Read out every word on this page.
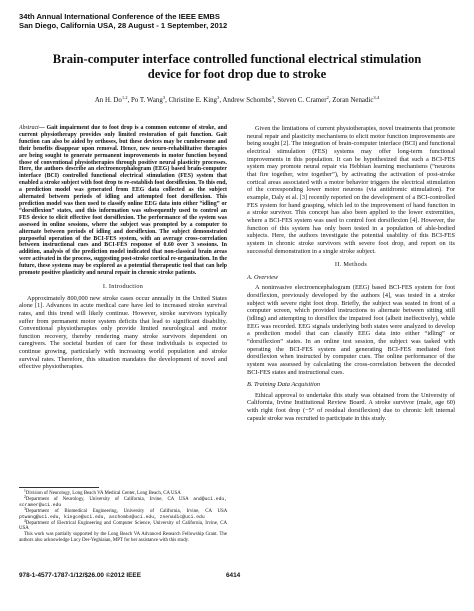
34th Annual International Conference of the IEEE EMBS
San Diego, California USA, 28 August - 1 September, 2012
Brain-computer interface controlled functional electrical stimulation
device for foot drop due to stroke
An H. Do$^{1,2}$, Po T. Wang$^3$, Christine E. King$^3$, Andrew Schombs$^3$, Steven C. Cramer$^2$, Zoran Nenadic$^{3,4}$

Abstract— Gait impairment due to foot drop is a common outcome of stroke, and current physiotherapy provides only limited restoration of gait function. Gait function can also be aided by orthoses, but these devices may be cumbersome and their benefits disappear upon removal. Hence, new neuro-rehabilitative therapies are being sought to generate permanent improvements in motor function beyond those of conventional physiotherapies through positive neural plasticity processes. Here, the authors describe an electroencephalogram (EEG) based brain-computer interface (BCI) controlled functional electrical stimulation (FES) system that enabled a stroke subject with foot drop to re-establish foot dorsiflexion. To this end, a prediction model was generated from EEG data collected as the subject alternated between periods of idling and attempted foot dorsiflexion. This prediction model was then used to classify online EEG data into either “idling” or “dorsiflexion” states, and this information was subsequently used to control an FES device to elicit effective foot dorsiflexion. The performance of the system was assessed in online sessions, where the subject was prompted by a computer to alternate between periods of idling and dorsiflexion. The subject demonstrated purposeful operation of the BCI-FES system, with an average cross-correlation between instructional cues and BCI-FES response of 0.60 over 3 sessions. In addition, analysis of the prediction model indicated that non-classical brain areas were activated in the process, suggesting post-stroke cortical re-organization. In the future, these systems may be explored as a potential therapeutic tool that can help promote positive plasticity and neural repair in chronic stroke patients.

I. Introduction

Approximately 800,000 new stroke cases occur annually in the United States alone [1]. Advances in acute medical care have led to increased stroke survival rates, and this trend will likely continue. However, stroke survivors typically suffer from permanent motor system deficits that lead to significant disability. Conventional physiotherapies only provide limited neurological and motor function recovery, thereby rendering many stroke survivors dependent on caregivers. The societal burden of care for these individuals is expected to continue growing, particularly with increasing world population and stroke survival rates. Therefore, this situation mandates the development of novel and effective physiotherapies.

$^1$Division of Neurology, Long Beach VA Medical Center, Long Beach, CA USA

$^2$Department of Neurology, University of California, Irvine, CA USA and@uci.edu, scramer@uci.edu

$^3$Department of Biomedical Engineering, University of California, Irvine, CA USA ptwang@uci.edu, kingce@uci.edu, aschombs@uci.edu, znenadic@uci.edu

$^4$Department of Electrical Engineering and Computer Science, University of California, Irvine, CA USA

This work was partially supported by the Long Beach VA Advanced Research Fellowship Grant. The authors also acknowledge Lucy Der-Yeghiaian, MPT for her assistance with this study.

Given the limitations of current physiotherapies, novel treatments that promote neural repair and plasticity mechanisms to elicit motor function improvements are being sought [2]. The integration of brain-computer interface (BCI) and functional electrical stimulation (FES) systems may offer long-term functional improvements in this population. It can be hypothesized that such a BCI-FES system may promote neural repair via Hebbian learning mechanisms (“neurons that fire together, wire together”), by activating the activation of post-stroke cortical areas associated with a motor behavior triggers the electrical stimulation of the corresponding lower motor neurons (via antidromic stimulation). For example, Daly et al. [3] recently reported on the development of a BCI-controlled FES system for hand grasping, which led to the improvement of hand function in a stroke survivor. This concept has also been applied to the lower extremities, where a BCI-FES system was used to control foot dorsiflexion [4]. However, the function of this system has only been tested in a population of able-bodied subjects. Here, the authors investigate the potential usability of this BCI-FES system in chronic stroke survivors with severe foot drop, and report on its successful demonstration in a single stroke subject.

II. Methods
A. Overview

A noninvasive electroencephalogram (EEG) based BCI-FES system for foot dorsiflexion, previously developed by the authors [4], was tested in a stroke subject with severe right foot drop. Briefly, the subject was seated in front of a computer screen, which provided instructions to alternate between sitting still (idling) and attempting to dorsiflex the impaired foot (albeit ineffectively), while EEG was recorded. EEG signals underlying both states were analyzed to develop a prediction model that can classify EEG data into either “idling” or “dorsiflexion” states. In an online test session, the subject was tasked with operating the BCI-FES system and generating BCI-FES mediated foot dorsiflexion when instructed by computer cues. The online performance of the system was assessed by calculating the cross-correlation between the decoded BCI-FES states and instructional cues.

B. Training Data Acquisition

Ethical approval to undertake this study was obtained from the University of California, Irvine Institutional Review Board. A stroke survivor (male, age 60) with right foot drop (−5° of residual dorsiflexion) due to chronic left internal capsule stroke was recruited to participate in this study.

978-1-4577-1787-1/12/$26.00 ©2012 IEEE	6414
